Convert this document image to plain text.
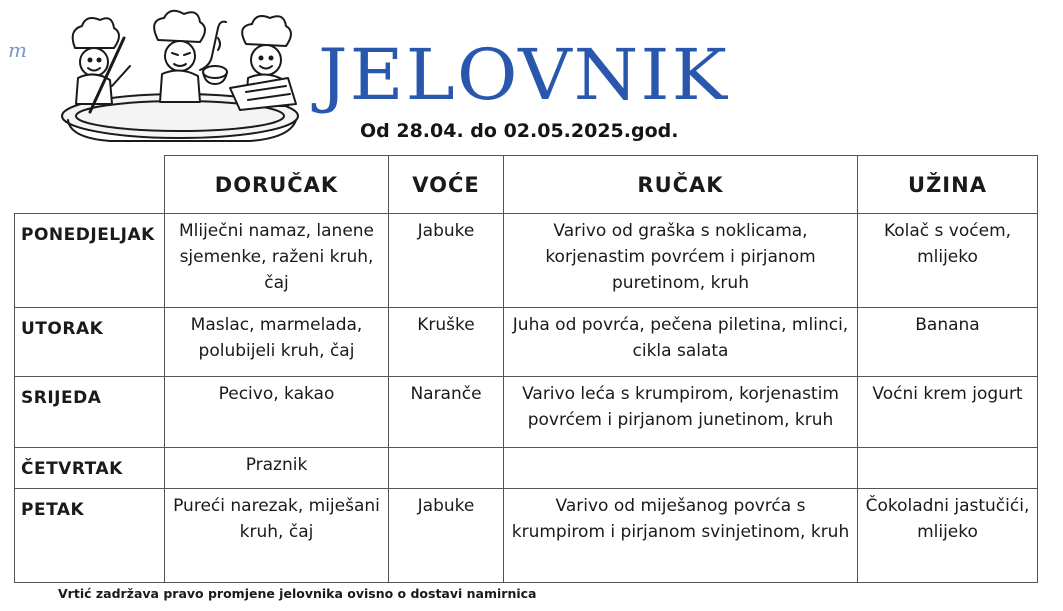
m	JELOVNIK
Od 28.04. do 02.05.2025.god.
	DORUČAK	VOĆE	RUČAK	UŽINA
PONEDJELJAK	Mliječni namaz, lanene sjemenke, raženi kruh, čaj	Jabuke	Varivo od graška s noklicama, korjenastim povrćem i pirjanom puretinom, kruh	Kolač s voćem, mlijeko
UTORAK	Maslac, marmelada, polubijeli kruh, čaj	Kruške	Juha od povrća, pečena piletina, mlinci, cikla salata	Banana
SRIJEDA	Pecivo, kakao	Naranče	Varivo leća s krumpirom, korjenastim povrćem i pirjanom junetinom, kruh	Voćni krem jogurt
ČETVRTAK	Praznik			
PETAK	Pureći narezak, miješani kruh, čaj	Jabuke	Varivo od miješanog povrća s krumpirom i pirjanom svinjetinom, kruh	Čokoladni jastučići, mlijeko
Vrtić zadržava pravo promjene jelovnika ovisno o dostavi namirnica
